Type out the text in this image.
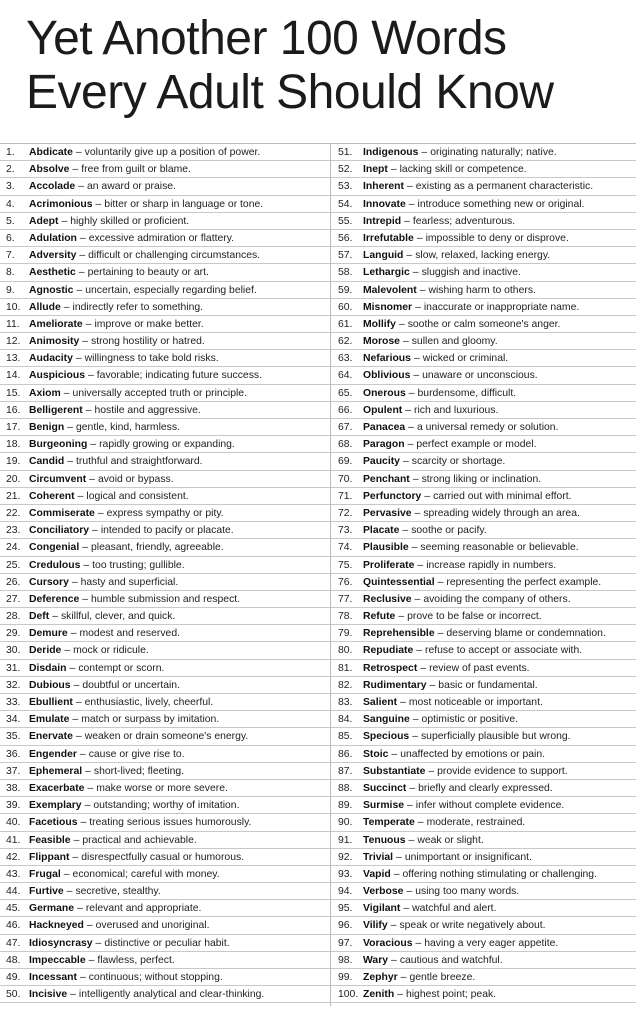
Yet Another 100 Words
Every Adult Should Know
1.	Abdicate – voluntarily give up a position of power.
2.	Absolve – free from guilt or blame.
3.	Accolade – an award or praise.
4.	Acrimonious – bitter or sharp in language or tone.
5.	Adept – highly skilled or proficient.
6.	Adulation – excessive admiration or flattery.
7.	Adversity – difficult or challenging circumstances.
8.	Aesthetic – pertaining to beauty or art.
9.	Agnostic – uncertain, especially regarding belief.
10. Allude – indirectly refer to something.
11. Ameliorate – improve or make better.
12. Animosity – strong hostility or hatred.
13. Audacity – willingness to take bold risks.
14. Auspicious – favorable; indicating future success.
15. Axiom – universally accepted truth or principle.
16. Belligerent – hostile and aggressive.
17. Benign – gentle, kind, harmless.
18. Burgeoning – rapidly growing or expanding.
19. Candid – truthful and straightforward.
20. Circumvent – avoid or bypass.
21. Coherent – logical and consistent.
22. Commiserate – express sympathy or pity.
23. Conciliatory – intended to pacify or placate.
24. Congenial – pleasant, friendly, agreeable.
25. Credulous – too trusting; gullible.
26. Cursory – hasty and superficial.
27. Deference – humble submission and respect.
28. Deft – skillful, clever, and quick.
29. Demure – modest and reserved.
30. Deride – mock or ridicule.
31. Disdain – contempt or scorn.
32. Dubious – doubtful or uncertain.
33. Ebullient – enthusiastic, lively, cheerful.
34. Emulate – match or surpass by imitation.
35. Enervate – weaken or drain someone's energy.
36. Engender – cause or give rise to.
37. Ephemeral – short-lived; fleeting.
38. Exacerbate – make worse or more severe.
39. Exemplary – outstanding; worthy of imitation.
40. Facetious – treating serious issues humorously.
41. Feasible – practical and achievable.
42. Flippant – disrespectfully casual or humorous.
43. Frugal – economical; careful with money.
44. Furtive – secretive, stealthy.
45. Germane – relevant and appropriate.
46. Hackneyed – overused and unoriginal.
47. Idiosyncrasy – distinctive or peculiar habit.
48. Impeccable – flawless, perfect.
49. Incessant – continuous; without stopping.
50. Incisive – intelligently analytical and clear-thinking.
51.	Indigenous – originating naturally; native.
52.	Inept – lacking skill or competence.
53.	Inherent – existing as a permanent characteristic.
54.	Innovate – introduce something new or original.
55.	Intrepid – fearless; adventurous.
56.	Irrefutable – impossible to deny or disprove.
57.	Languid – slow, relaxed, lacking energy.
58.	Lethargic – sluggish and inactive.
59.	Malevolent – wishing harm to others.
60.	Misnomer – inaccurate or inappropriate name.
61.	Mollify – soothe or calm someone's anger.
62.	Morose – sullen and gloomy.
63.	Nefarious – wicked or criminal.
64.	Oblivious – unaware or unconscious.
65.	Onerous – burdensome, difficult.
66.	Opulent – rich and luxurious.
67.	Panacea – a universal remedy or solution.
68.	Paragon – perfect example or model.
69.	Paucity – scarcity or shortage.
70.	Penchant – strong liking or inclination.
71.	Perfunctory – carried out with minimal effort.
72.	Pervasive – spreading widely through an area.
73.	Placate – soothe or pacify.
74.	Plausible – seeming reasonable or believable.
75.	Proliferate – increase rapidly in numbers.
76.	Quintessential – representing the perfect example.
77.	Reclusive – avoiding the company of others.
78.	Refute – prove to be false or incorrect.
79.	Reprehensible – deserving blame or condemnation.
80.	Repudiate – refuse to accept or associate with.
81.	Retrospect – review of past events.
82.	Rudimentary – basic or fundamental.
83.	Salient – most noticeable or important.
84.	Sanguine – optimistic or positive.
85.	Specious – superficially plausible but wrong.
86.	Stoic – unaffected by emotions or pain.
87.	Substantiate – provide evidence to support.
88.	Succinct – briefly and clearly expressed.
89.	Surmise – infer without complete evidence.
90.	Temperate – moderate, restrained.
91.	Tenuous – weak or slight.
92.	Trivial – unimportant or insignificant.
93.	Vapid – offering nothing stimulating or challenging.
94.	Verbose – using too many words.
95.	Vigilant – watchful and alert.
96.	Vilify – speak or write negatively about.
97.	Voracious – having a very eager appetite.
98.	Wary – cautious and watchful.
99.	Zephyr – gentle breeze.
100. Zenith – highest point; peak.
